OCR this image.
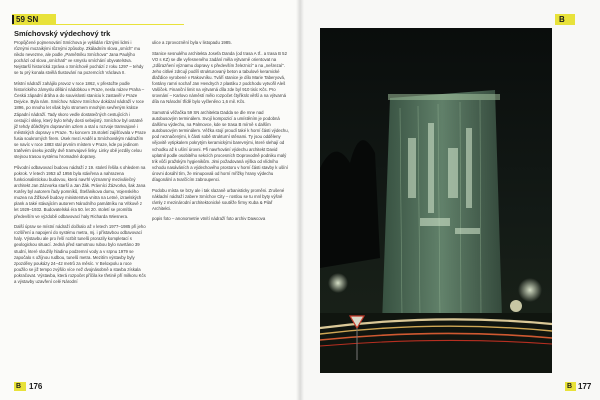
59 SN	B
Smíchovský výdechový trk

Propůjčené pojmenování Smíchova je vyklidán různými lidmi i různými mozaikými různými způsoby. Zkáladním slova „smích" mu nikdo nevezme, ale podle „Pamětníku Smíchova" Jana Paulýho pochází od slova „smíchatí" ve smyslu smíchání obyvatelstva. Nejstarší historická zpráva o Smíchově pochází z roku 1297 – tehdy se tu prý konala stvělá tlustování na pozemcích Václava II.

Místní nádraží zahájilo provoz v roce 1862, v přestožte podle historického zámyslu dělání nádobkou v Praze, nesla název Praha – Česká západní dráha a do souvislosti staniciu k zastavěl v Praze Dejvice. Byla nám. Smíchov. Název Smíchov dokázal nádraží v roce 1896, po mnoho let však bylo stromem mnohým sevřeným krátce Západní nádraží. Tady skoro vedle dostatečných cestujících i cestující sklep, který bylo tehdy dosti sebejistý. Smíchov byl ostatně již tehdy důležitým dopravním uzlem a stal u rozvoje tramvajové i městských dopravy v Praze. Tu koncem 19.století zajišťovala v Praze fusia soukromých firem. Úsek mezi Anděl a Smíchovským nádražím se navíc v roce 1883 stal prvním místem v Praze, kde po jedinom tratěvém úseku jezdily dvě tramvajové linky. Linky obě jezdily celou stejnou trasou systému hromadné dopravy.

Původní odbavovací budovu nádraží z 19. století řešila s ohledem na pokrok. V letech 1953 až 1956 byla stávřena a nahrazena funkcionalistickou budovou, která navrhl významný meziválečný architekt Jan Zázvorka starší a Jan Žák. Právníci Žázvorka, šak Jana Kotěry byl autorem řady pomníků, Štefánikova domu, Vojenského muzea na Žižkově budovy ministerstva vnitra na Letné, izraelských plank a také stávajícím autorem Národního památníku na Vítkově z let 1929–1932. Budovatelská éra 50. let 20. století se promítla především ve výzdobě odbavovací haly Richarda Wiesnera.

Další úprav se místní nádraží dočkalo až v letech 1977–1985 při jeho rozšíření a napojení do systému metra, mj. i přístavbou odbavovací haly. Výstavbu ale pro řeší rozbít tunelů prorazily kompletací s geologickou situací. Jedná před samotnou rubou bylo navrtáno 39 studní, které sloužily hladinu podzemní vody a v srpnu 1979 se započalo s ožíjnou rudbou, tunelů metra. Mezitím výstavby byly zpozděny poukázy 24–42 metrů za měsíc. V Beloxpolu a roce použilo se již tempo zvýšilo více než dvojnásobně a stavba získala pokračovat. Výstavba, která rozpočet příčila ke třetině pří milkoru Kčs a výstavby uzavření celé Národní

ulice a zprovoznění byla v listopadu 1985.

Stanice sesnulého architekta Josefa Danda (od trasa A tř.. a trasa B 52 VO s KZ) se dle vyřesneného zadání měla výtvarně orientovat na „zdůrazňení významu dopravy s především železnicí" a na „nešrezaí". Jeho citlivé zdrcují podílí strukturovaný beton a tabulové keramické dlaždice vyrobené v Rakovníku. Tváří stanice je dílo Marie Taberyová, fontány ramri sochař Jan Hendrych z plastiku z podchodu vytvořil Aleš Vašíček. Finanční limit na výtvarná díla zde byl 910 tisíc Kčs. Pro srovnání – Karlovo náměstí mělo rozpočet čtyřikrát větší a na výtvarná díla na Národní třídě bylo vyčleněno 1,6 mil. Kčs.

Samotná věžačka 59 SN architekta Dadda se dle mne nad autobusovým terminálem. Svojí kompozicí a umístěním je podobná dalšímu výdechu, na Palmovce, kde se trasa B mírně s dalším autobusovým terminálem. Věžka stojí proudí také k horní části výdechu, pod neznačenými, k části sobě strukturní stěnami. Ty jsou odděleny vějovitě vytipkalem pokrytým keramickými barevnými, které slehají od vchodku až k ušíní úrovni. Při navrhování výdechu architekt David uplatnil podle osobitého sekcích procesních Doprovodně podniku malý trik vůči pražským hygienikům. Jimi požadovaná výška od vlídního vchodu nasáváních a výdechového prostoru v horní části stavby k ušíní úrovni dosáhl tím, že minupovali od horní mřížky hrany výdechu díagonální a tvarčícím zabroupenci.

Podobu místa se brzy ale i tak slazaně urbanisticky proměni. Zrušené nákladní nádraží zabere Smíchov City – rostlou se tu mnl byty výšně rámly z mezinárodní architektonické soutěže firmy Kuba & Pilař Architekti.

popis foto – anonometrie vtnítí nádraží foto archiv Dawcova

B 176	B 177
